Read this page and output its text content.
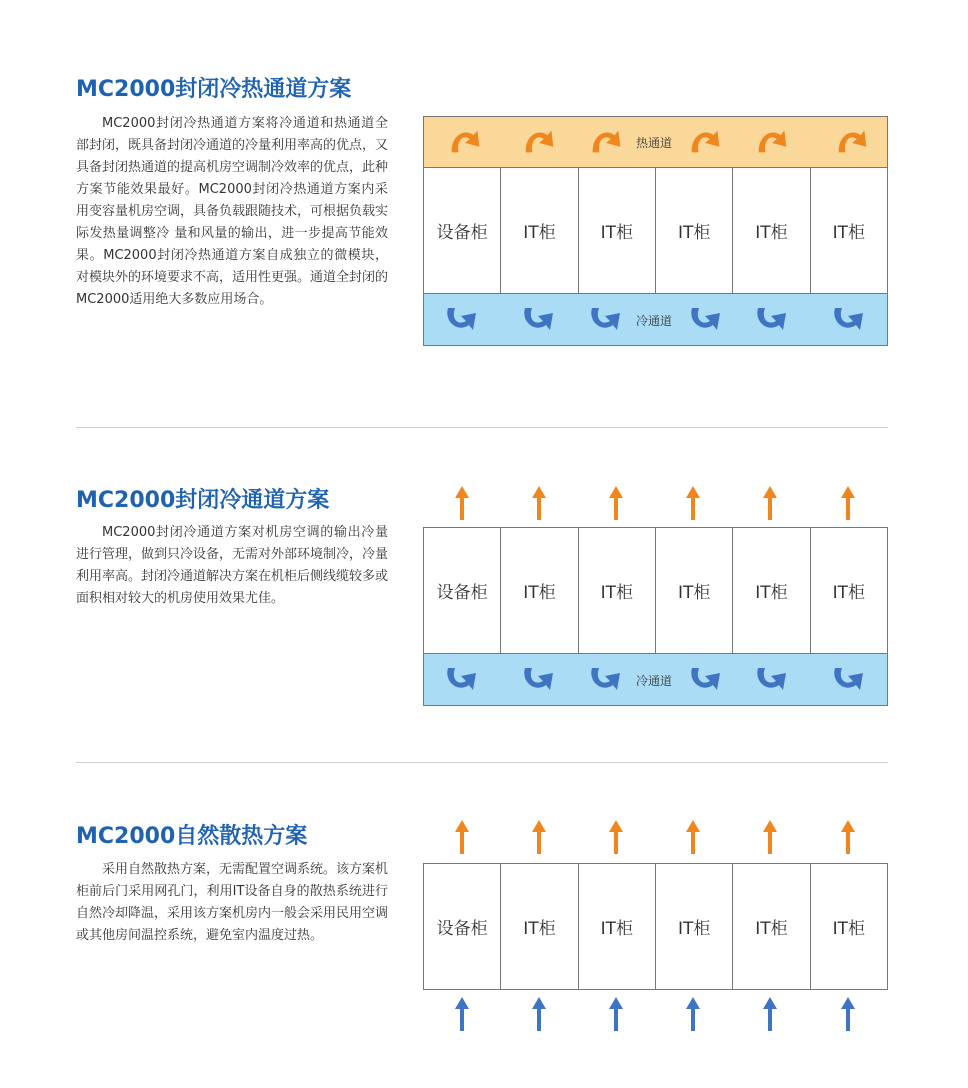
MC2000封闭冷热通道方案

MC2000封闭冷热通道方案将冷通道和热通道全部封闭，既具备封闭冷通道的冷量利用率高的优点，又具备封闭热通道的提高机房空调制冷效率的优点，此种方案节能效果最好。MC2000封闭冷热通道方案内采用变容量机房空调，具备负载跟随技术，可根据负载实际发热量调整冷 量和风量的输出，进一步提高节能效果。MC2000封闭冷热通道方案自成独立的微模块，对模块外的环境要求不高，适用性更强。通道全封闭的MC2000适用绝大多数应用场合。

热通道
设备柜	IT柜	IT柜	IT柜	IT柜	IT柜
冷通道
MC2000封闭冷通道方案

MC2000封闭冷通道方案对机房空调的输出冷量进行管理，做到只冷设备，无需对外部环境制冷，冷量利用率高。封闭冷通道解决方案在机柜后侧线缆较多或面积相对较大的机房使用效果尤佳。	设备柜	IT柜	IT柜	IT柜	IT柜	IT柜
冷通道
MC2000自然散热方案

采用自然散热方案，无需配置空调系统。该方案机柜前后门采用网孔门，利用IT设备自身的散热系统进行自然冷却降温，采用该方案机房内一般会采用民用空调或其他房间温控系统，避免室内温度过热。	设备柜	IT柜	IT柜	IT柜	IT柜	IT柜
